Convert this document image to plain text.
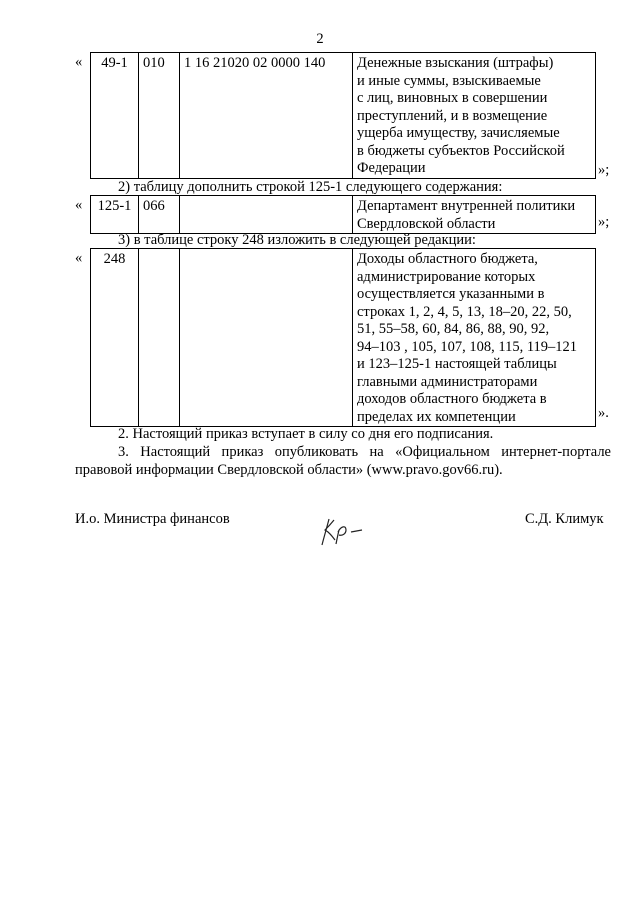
2
« 49-1	010	1 16 21020 02 0000 140	Денежные взыскания (штрафы)
и иные суммы, взыскиваемые
с лиц, виновных в совершении
преступлений, и в возмещение
ущерба имуществу, зачисляемые
в бюджеты субъектов Российской
Федерации	»;
2) таблицу дополнить строкой 125-1 следующего содержания:
« 125-1	066		Департамент внутренней политики
Свердловской области	»;
3) в таблице строку 248 изложить в следующей редакции:
« 248			Доходы областного бюджета,
администрирование которых
осуществляется указанными в
строках 1, 2, 4, 5, 13, 18–20, 22, 50,
51, 55–58, 60, 84, 86, 88, 90, 92,
94–103 , 105, 107, 108, 115, 119–121
и 123–125-1 настоящей таблицы
главными администраторами
доходов областного бюджета в
пределах их компетенции	».
2. Настоящий приказ вступает в силу со дня его подписания.
3. Настоящий приказ опубликовать на «Официальном интернет-портале
правовой информации Свердловской области» (www.pravo.gov66.ru).
И.о. Министра финансов	С.Д. Климук
